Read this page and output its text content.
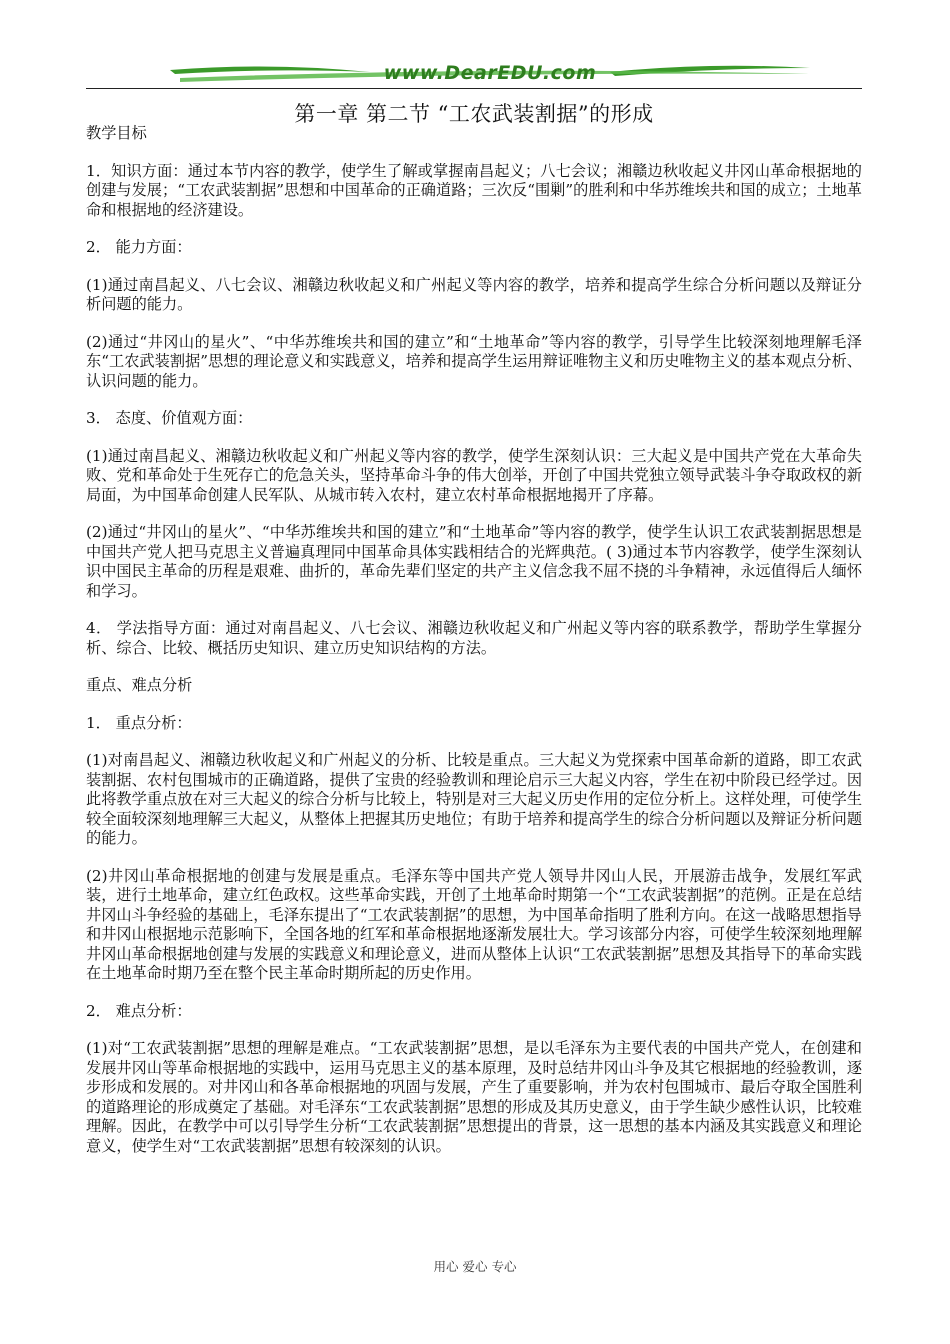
www.DearEDU.com
第一章 第二节 “工农武装割据”的形成

教学目标

1．知识方面：通过本节内容的教学，使学生了解或掌握南昌起义；八七会议；湘赣边秋收起义井冈山革命根据地的创建与发展；“工农武装割据”思想和中国革命的正确道路；三次反“围剿”的胜利和中华苏维埃共和国的成立；土地革命和根据地的经济建设。

2． 能力方面：

(1)通过南昌起义、八七会议、湘赣边秋收起义和广州起义等内容的教学，培养和提高学生综合分析问题以及辩证分析问题的能力。

(2)通过“井冈山的星火”、“中华苏维埃共和国的建立”和“土地革命”等内容的教学，引导学生比较深刻地理解毛泽东“工农武装割据”思想的理论意义和实践意义，培养和提高学生运用辩证唯物主义和历史唯物主义的基本观点分析、认识问题的能力。

3． 态度、价值观方面：

(1)通过南昌起义、湘赣边秋收起义和广州起义等内容的教学，使学生深刻认识：三大起义是中国共产党在大革命失败、党和革命处于生死存亡的危急关头，坚持革命斗争的伟大创举，开创了中国共党独立领导武装斗争夺取政权的新局面，为中国革命创建人民军队、从城市转入农村，建立农村革命根据地揭开了序幕。

(2)通过“井冈山的星火”、“中华苏维埃共和国的建立”和“土地革命”等内容的教学，使学生认识工农武装割据思想是中国共产党人把马克思主义普遍真理同中国革命具体实践相结合的光辉典范。( 3)通过本节内容教学，使学生深刻认识中国民主革命的历程是艰难、曲折的，革命先辈们坚定的共产主义信念我不屈不挠的斗争精神，永远值得后人缅怀和学习。

4． 学法指导方面：通过对南昌起义、八七会议、湘赣边秋收起义和广州起义等内容的联系教学，帮助学生掌握分析、综合、比较、概括历史知识、建立历史知识结构的方法。

重点、难点分析

1． 重点分析：

(1)对南昌起义、湘赣边秋收起义和广州起义的分析、比较是重点。三大起义为党探索中国革命新的道路，即工农武装割据、农村包围城市的正确道路，提供了宝贵的经验教训和理论启示三大起义内容，学生在初中阶段已经学过。因此将教学重点放在对三大起义的综合分析与比较上，特别是对三大起义历史作用的定位分析上。这样处理，可使学生较全面较深刻地理解三大起义，从整体上把握其历史地位；有助于培养和提高学生的综合分析问题以及辩证分析问题的能力。

(2)井冈山革命根据地的创建与发展是重点。毛泽东等中国共产党人领导井冈山人民，开展游击战争，发展红军武装，进行土地革命，建立红色政权。这些革命实践，开创了土地革命时期第一个“工农武装割据”的范例。正是在总结井冈山斗争经验的基础上，毛泽东提出了“工农武装割据”的思想，为中国革命指明了胜利方向。在这一战略思想指导和井冈山根据地示范影响下，全国各地的红军和革命根据地逐渐发展壮大。学习该部分内容，可使学生较深刻地理解井冈山革命根据地创建与发展的实践意义和理论意义，进而从整体上认识“工农武装割据”思想及其指导下的革命实践在土地革命时期乃至在整个民主革命时期所起的历史作用。

2． 难点分析：

(1)对“工农武装割据”思想的理解是难点。“工农武装割据”思想，是以毛泽东为主要代表的中国共产党人，在创建和发展井冈山等革命根据地的实践中，运用马克思主义的基本原理，及时总结井冈山斗争及其它根据地的经验教训，逐步形成和发展的。对井冈山和各革命根据地的巩固与发展，产生了重要影响，并为农村包围城市、最后夺取全国胜利的道路理论的形成奠定了基础。对毛泽东“工农武装割据”思想的形成及其历史意义，由于学生缺少感性认识，比较难理解。因此，在教学中可以引导学生分析“工农武装割据”思想提出的背景，这一思想的基本内涵及其实践意义和理论意义，使学生对“工农武装割据”思想有较深刻的认识。

用心 爱心 专心
